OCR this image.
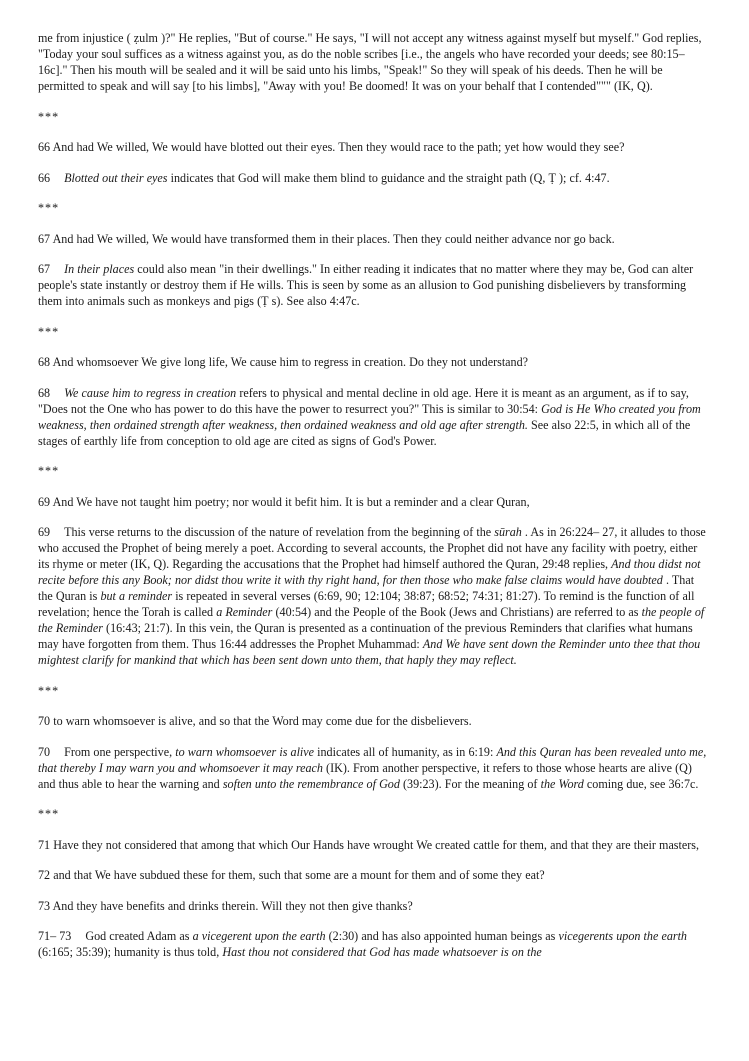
me from injustice ( ẓulm )?" He replies, "But of course." He says, "I will not accept any witness against myself but myself." God replies, "Today your soul suffices as a witness against you, as do the noble scribes [i.e., the angels who have recorded your deeds; see 80:15– 16c]." Then his mouth will be sealed and it will be said unto his limbs, "Speak!" So they will speak of his deeds. Then he will be permitted to speak and will say [to his limbs], "Away with you! Be doomed! It was on your behalf that I contended""" (IK, Q).

***

66 And had We willed, We would have blotted out their eyes. Then they would race to the path; yet how would they see?

66 Blotted out their eyes indicates that God will make them blind to guidance and the straight path (Q, Ṭ ); cf. 4:47.

***

67 And had We willed, We would have transformed them in their places. Then they could neither advance nor go back.

67 In their places could also mean "in their dwellings." In either reading it indicates that no matter where they may be, God can alter people's state instantly or destroy them if He wills. This is seen by some as an allusion to God punishing disbelievers by transforming them into animals such as monkeys and pigs (Ṭ s). See also 4:47c.

***

68 And whomsoever We give long life, We cause him to regress in creation. Do they not understand?

68 We cause him to regress in creation refers to physical and mental decline in old age. Here it is meant as an argument, as if to say, "Does not the One who has power to do this have the power to resurrect you?" This is similar to 30:54: God is He Who created you from weakness, then ordained strength after weakness, then ordained weakness and old age after strength. See also 22:5, in which all of the stages of earthly life from conception to old age are cited as signs of God's Power.

***

69 And We have not taught him poetry; nor would it befit him. It is but a reminder and a clear Quran,

69 This verse returns to the discussion of the nature of revelation from the beginning of the sūrah . As in 26:224– 27, it alludes to those who accused the Prophet of being merely a poet. According to several accounts, the Prophet did not have any facility with poetry, either its rhyme or meter (IK, Q). Regarding the accusations that the Prophet had himself authored the Quran, 29:48 replies, And thou didst not recite before this any Book; nor didst thou write it with thy right hand, for then those who make false claims would have doubted . That the Quran is but a reminder is repeated in several verses (6:69, 90; 12:104; 38:87; 68:52; 74:31; 81:27). To remind is the function of all revelation; hence the Torah is called a Reminder (40:54) and the People of the Book (Jews and Christians) are referred to as the people of the Reminder (16:43; 21:7). In this vein, the Quran is presented as a continuation of the previous Reminders that clarifies what humans may have forgotten from them. Thus 16:44 addresses the Prophet Muhammad: And We have sent down the Reminder unto thee that thou mightest clarify for mankind that which has been sent down unto them, that haply they may reflect.

***

70 to warn whomsoever is alive, and so that the Word may come due for the disbelievers.

70 From one perspective, to warn whomsoever is alive indicates all of humanity, as in 6:19: And this Quran has been revealed unto me, that thereby I may warn you and whomsoever it may reach (IK). From another perspective, it refers to those whose hearts are alive (Q) and thus able to hear the warning and soften unto the remembrance of God (39:23). For the meaning of the Word coming due, see 36:7c.

***

71 Have they not considered that among that which Our Hands have wrought We created cattle for them, and that they are their masters,

72 and that We have subdued these for them, such that some are a mount for them and of some they eat?

73 And they have benefits and drinks therein. Will they not then give thanks?

71– 73 God created Adam as a vicegerent upon the earth (2:30) and has also appointed human beings as vicegerents upon the earth (6:165; 35:39); humanity is thus told, Hast thou not considered that God has made whatsoever is on the
